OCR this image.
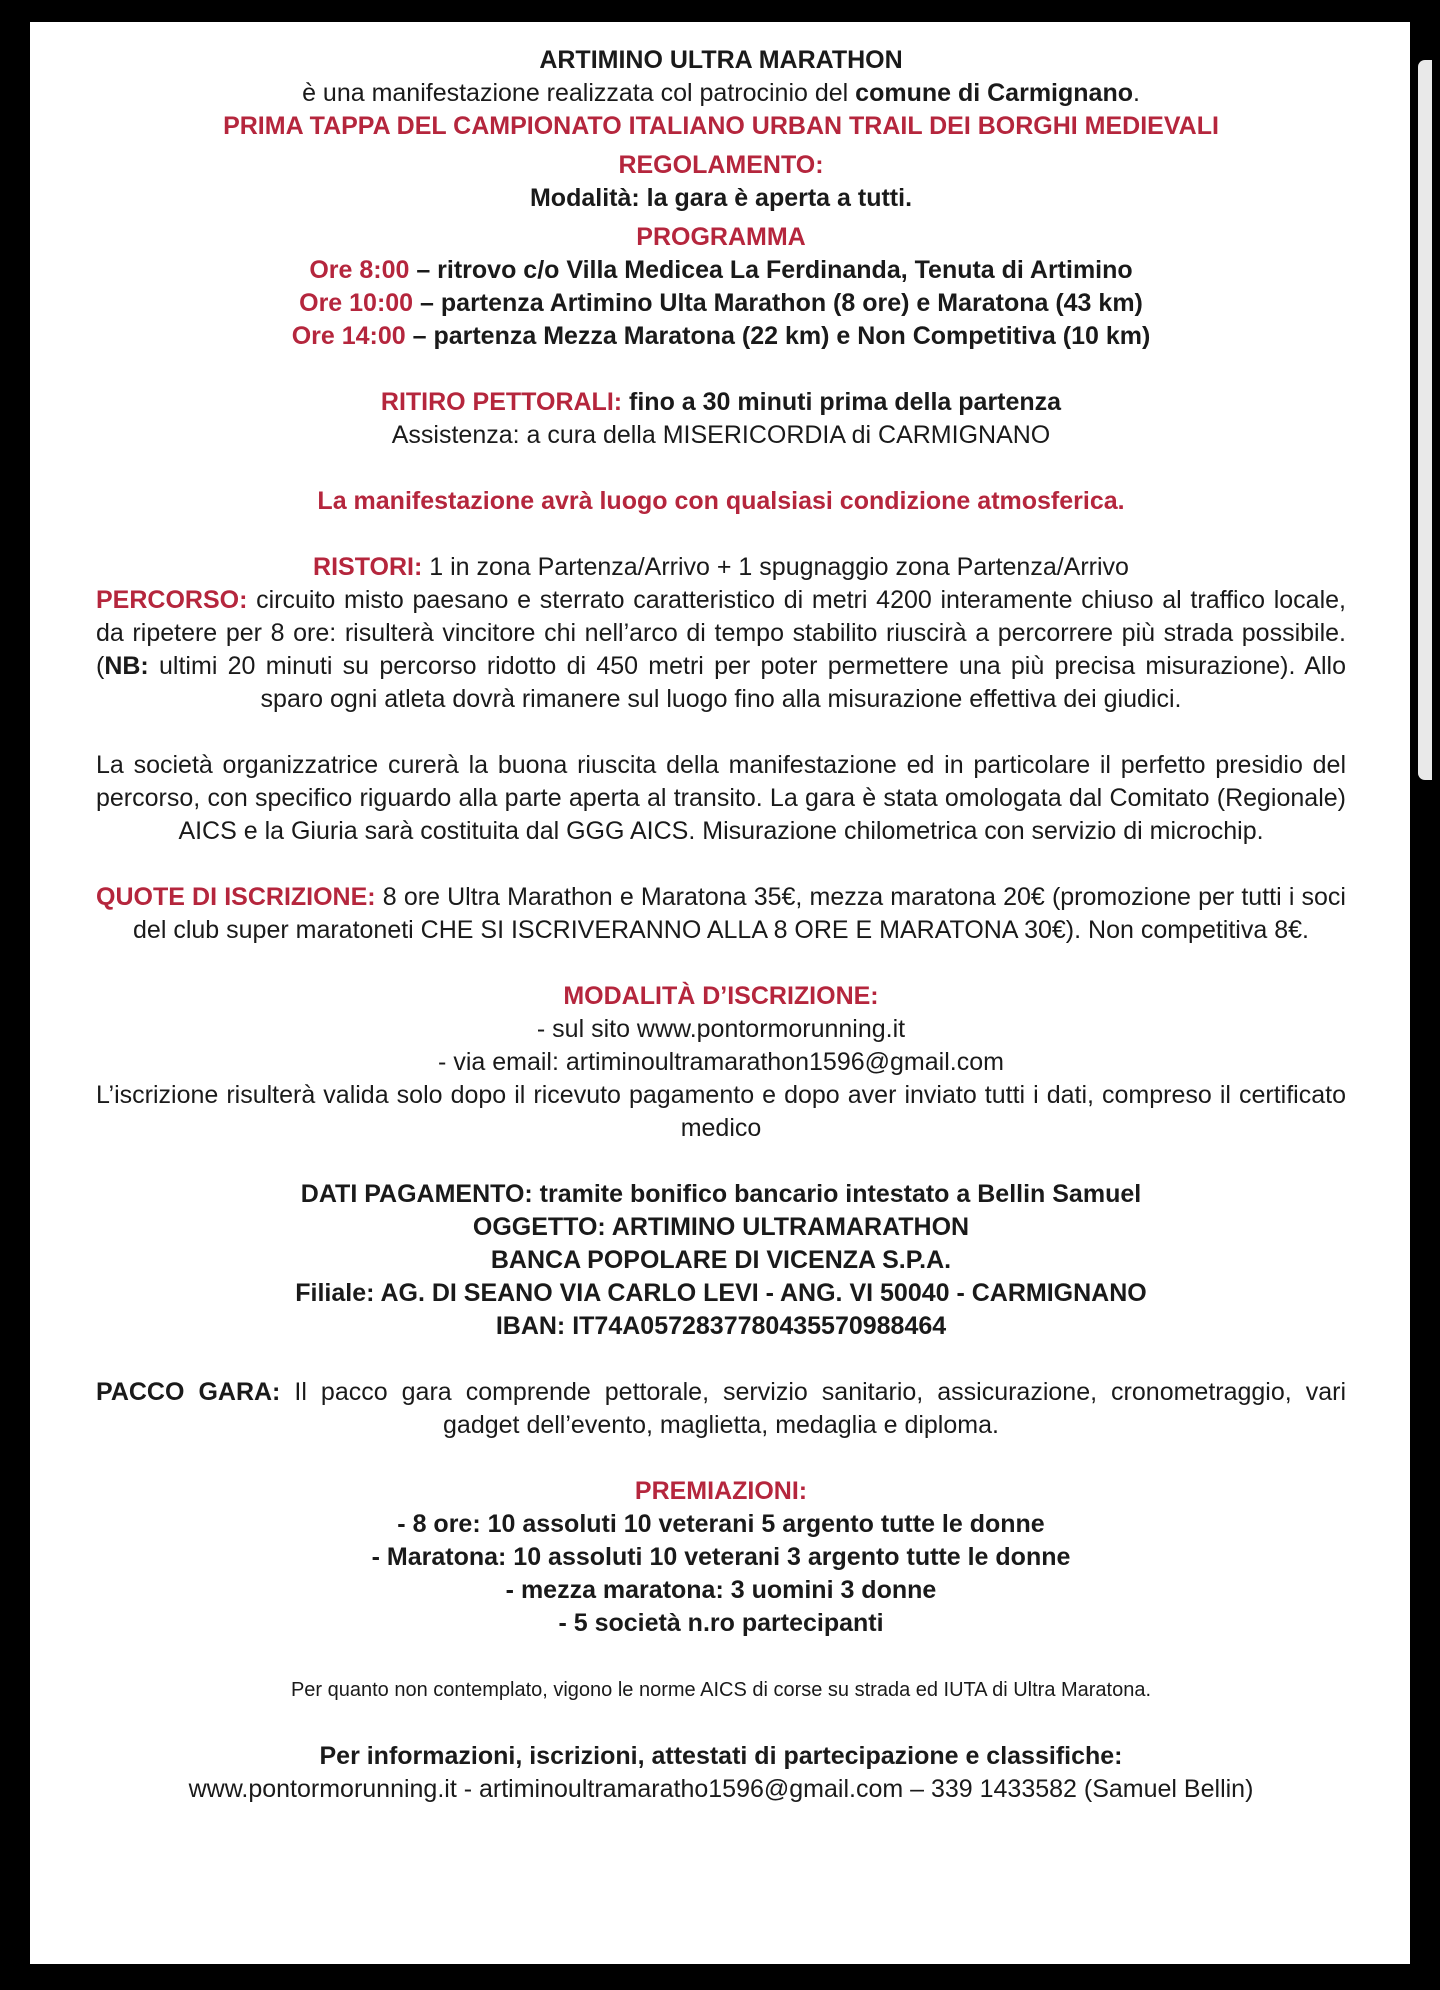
ARTIMINO ULTRA MARATHON

è una manifestazione realizzata col patrocinio del comune di Carmignano.

PRIMA TAPPA DEL CAMPIONATO ITALIANO URBAN TRAIL DEI BORGHI MEDIEVALI

REGOLAMENTO:

Modalità: la gara è aperta a tutti.

PROGRAMMA

Ore 8:00 – ritrovo c/o Villa Medicea La Ferdinanda, Tenuta di Artimino

Ore 10:00 – partenza Artimino Ulta Marathon (8 ore) e Maratona (43 km)

Ore 14:00 – partenza Mezza Maratona (22 km) e Non Competitiva (10 km)

RITIRO PETTORALI: fino a 30 minuti prima della partenza

Assistenza: a cura della MISERICORDIA di CARMIGNANO

La manifestazione avrà luogo con qualsiasi condizione atmosferica.

RISTORI: 1 in zona Partenza/Arrivo + 1 spugnaggio zona Partenza/Arrivo

PERCORSO: circuito misto paesano e sterrato caratteristico di metri 4200 interamente chiuso al traffico locale, da ripetere per 8 ore: risulterà vincitore chi nell’arco di tempo stabilito riuscirà a percorrere più strada possibile. (NB: ultimi 20 minuti su percorso ridotto di 450 metri per poter permettere una più precisa misurazione). Allo sparo ogni atleta dovrà rimanere sul luogo fino alla misurazione effettiva dei giudici.

La società organizzatrice curerà la buona riuscita della manifestazione ed in particolare il perfetto presidio del percorso, con specifico riguardo alla parte aperta al transito. La gara è stata omologata dal Comitato (Regionale) AICS e la Giuria sarà costituita dal GGG AICS. Misurazione chilometrica con servizio di microchip.

QUOTE DI ISCRIZIONE: 8 ore Ultra Marathon e Maratona 35€, mezza maratona 20€ (promozione per tutti i soci del club super maratoneti CHE SI ISCRIVERANNO ALLA 8 ORE E MARATONA 30€). Non competitiva 8€.

MODALITÀ D’ISCRIZIONE:

- sul sito www.pontormorunning.it

- via email: artiminoultramarathon1596@gmail.com

L’iscrizione risulterà valida solo dopo il ricevuto pagamento e dopo aver inviato tutti i dati, compreso il certificato medico

DATI PAGAMENTO: tramite bonifico bancario intestato a Bellin Samuel

OGGETTO: ARTIMINO ULTRAMARATHON

BANCA POPOLARE DI VICENZA S.P.A.

Filiale: AG. DI SEANO VIA CARLO LEVI - ANG. VI 50040 - CARMIGNANO

IBAN: IT74A0572837780435570988464

PACCO GARA: Il pacco gara comprende pettorale, servizio sanitario, assicurazione, cronometraggio, vari gadget dell’evento, maglietta, medaglia e diploma.

PREMIAZIONI:

- 8 ore: 10 assoluti 10 veterani 5 argento tutte le donne

- Maratona: 10 assoluti 10 veterani 3 argento tutte le donne

- mezza maratona: 3 uomini 3 donne

- 5 società n.ro partecipanti

Per quanto non contemplato, vigono le norme AICS di corse su strada ed IUTA di Ultra Maratona.

Per informazioni, iscrizioni, attestati di partecipazione e classifiche:

www.pontormorunning.it - artiminoultramaratho1596@gmail.com – 339 1433582 (Samuel Bellin)
